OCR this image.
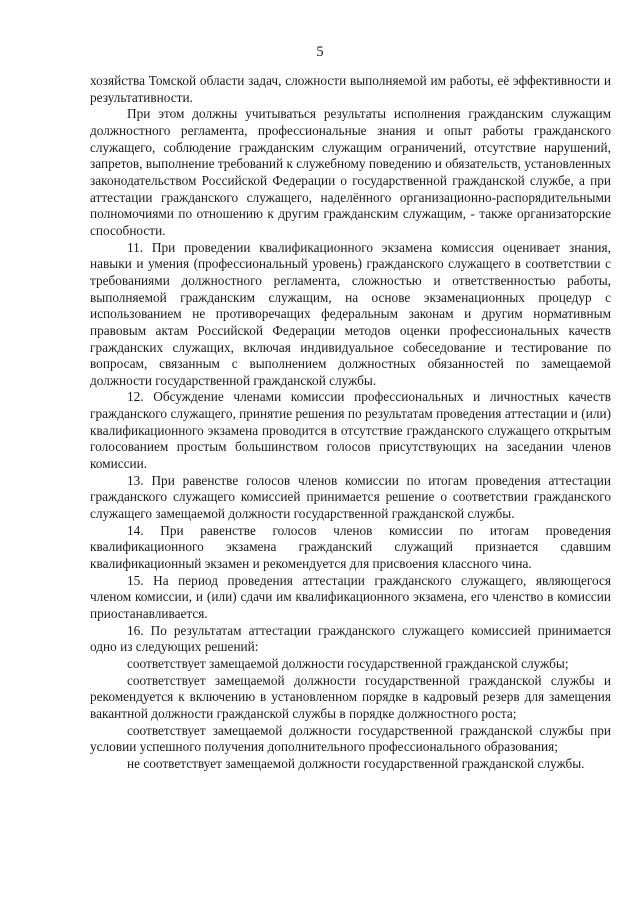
5

хозяйства Томской области задач, сложности выполняемой им работы, её эффективности и результативности.

При этом должны учитываться результаты исполнения гражданским служащим должностного регламента, профессиональные знания и опыт работы гражданского служащего, соблюдение гражданским служащим ограничений, отсутствие нарушений, запретов, выполнение требований к служебному поведению и обязательств, установленных законодательством Российской Федерации о государственной гражданской службе, а при аттестации гражданского служащего, наделённого организационно-распорядительными полномочиями по отношению к другим гражданским служащим, - также организаторские способности.

11. При проведении квалификационного экзамена комиссия оценивает знания, навыки и умения (профессиональный уровень) гражданского служащего в соответствии с требованиями должностного регламента, сложностью и ответственностью работы, выполняемой гражданским служащим, на основе экзаменационных процедур с использованием не противоречащих федеральным законам и другим нормативным правовым актам Российской Федерации методов оценки профессиональных качеств гражданских служащих, включая индивидуальное собеседование и тестирование по вопросам, связанным с выполнением должностных обязанностей по замещаемой должности государственной гражданской службы.

12. Обсуждение членами комиссии профессиональных и личностных качеств гражданского служащего, принятие решения по результатам проведения аттестации и (или) квалификационного экзамена проводится в отсутствие гражданского служащего открытым голосованием простым большинством голосов присутствующих на заседании членов комиссии.

13. При равенстве голосов членов комиссии по итогам проведения аттестации гражданского служащего комиссией принимается решение о соответствии гражданского служащего замещаемой должности государственной гражданской службы.

14. При равенстве голосов членов комиссии по итогам проведения квалификационного экзамена гражданский служащий признается сдавшим квалификационный экзамен и рекомендуется для присвоения классного чина.

15. На период проведения аттестации гражданского служащего, являющегося членом комиссии, и (или) сдачи им квалификационного экзамена, его членство в комиссии приостанавливается.

16. По результатам аттестации гражданского служащего комиссией принимается одно из следующих решений:

соответствует замещаемой должности государственной гражданской службы;

соответствует замещаемой должности государственной гражданской службы и рекомендуется к включению в установленном порядке в кадровый резерв для замещения вакантной должности гражданской службы в порядке должностного роста;

соответствует замещаемой должности государственной гражданской службы при условии успешного получения дополнительного профессионального образования;

не соответствует замещаемой должности государственной гражданской службы.
